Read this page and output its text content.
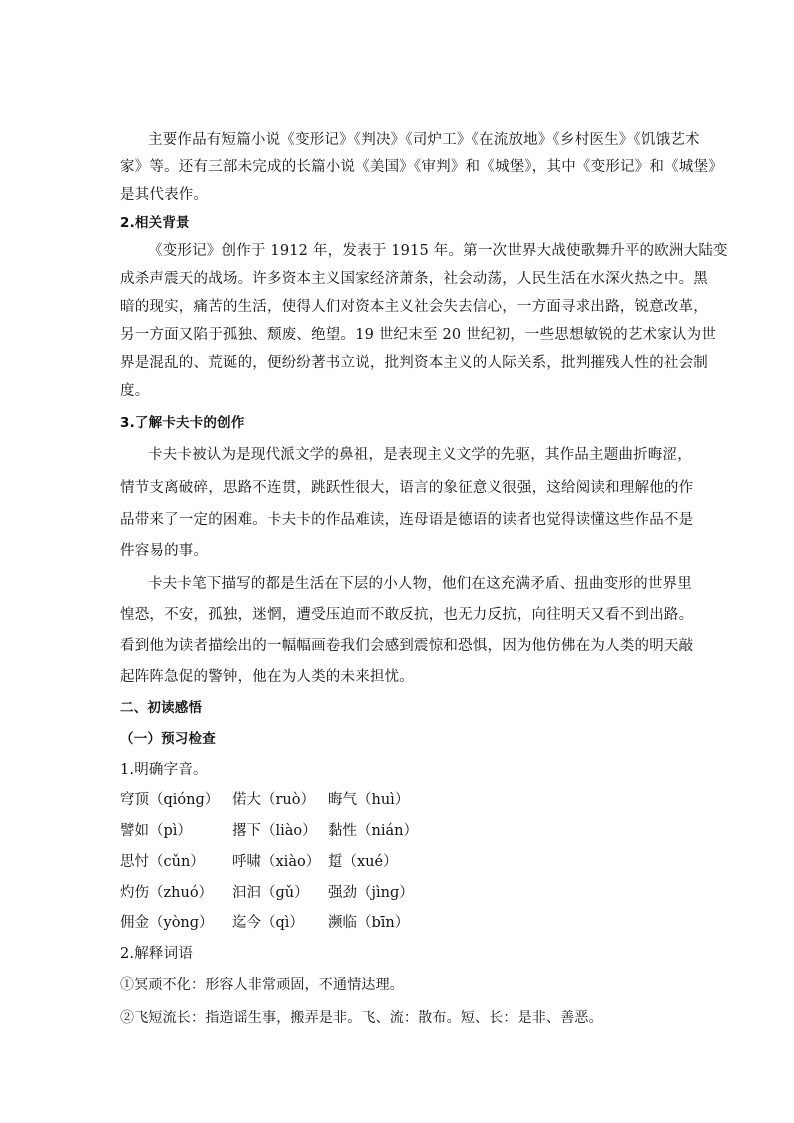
主要作品有短篇小说《变形记》《判决》《司炉工》《在流放地》《乡村医生》《饥饿艺术
家》等。还有三部未完成的长篇小说《美国》《审判》和《城堡》，其中《变形记》和《城堡》
是其代表作。
2.相关背景
《变形记》创作于 1912 年，发表于 1915 年。第一次世界大战使歌舞升平的欧洲大陆变
成杀声震天的战场。许多资本主义国家经济萧条，社会动荡，人民生活在水深火热之中。黑
暗的现实，痛苦的生活，使得人们对资本主义社会失去信心，一方面寻求出路，锐意改革，
另一方面又陷于孤独、颓废、绝望。19 世纪末至 20 世纪初，一些思想敏锐的艺术家认为世
界是混乱的、荒诞的，便纷纷著书立说，批判资本主义的人际关系，批判摧残人性的社会制
度。
3.了解卡夫卡的创作
卡夫卡被认为是现代派文学的鼻祖，是表现主义文学的先驱，其作品主题曲折晦涩，
情节支离破碎，思路不连贯，跳跃性很大，语言的象征意义很强，这给阅读和理解他的作
品带来了一定的困难。卡夫卡的作品难读，连母语是德语的读者也觉得读懂这些作品不是
件容易的事。
卡夫卡笔下描写的都是生活在下层的小人物，他们在这充满矛盾、扭曲变形的世界里
惶恐，不安，孤独，迷惘，遭受压迫而不敢反抗，也无力反抗，向往明天又看不到出路。
看到他为读者描绘出的一幅幅画卷我们会感到震惊和恐惧，因为他仿佛在为人类的明天敲
起阵阵急促的警钟，他在为人类的未来担忧。
二、初读感悟
（一）预习检查
1.明确字音。
穹顶（qiónɡ） 偌大（ruò） 晦气（huì）
譬如（pì）	撂下（liào） 黏性（nián）
思忖（cǔn） 呼啸（xiào） 踅（xué）
灼伤（zhuó） 汩汩（ɡǔ） 强劲（jìnɡ）
佣金（yònɡ） 迄今（qì） 濒临（bīn）
2.解释词语
①冥顽不化：形容人非常顽固，不通情达理。
②飞短流长：指造谣生事，搬弄是非。飞、流：散布。短、长：是非、善恶。
